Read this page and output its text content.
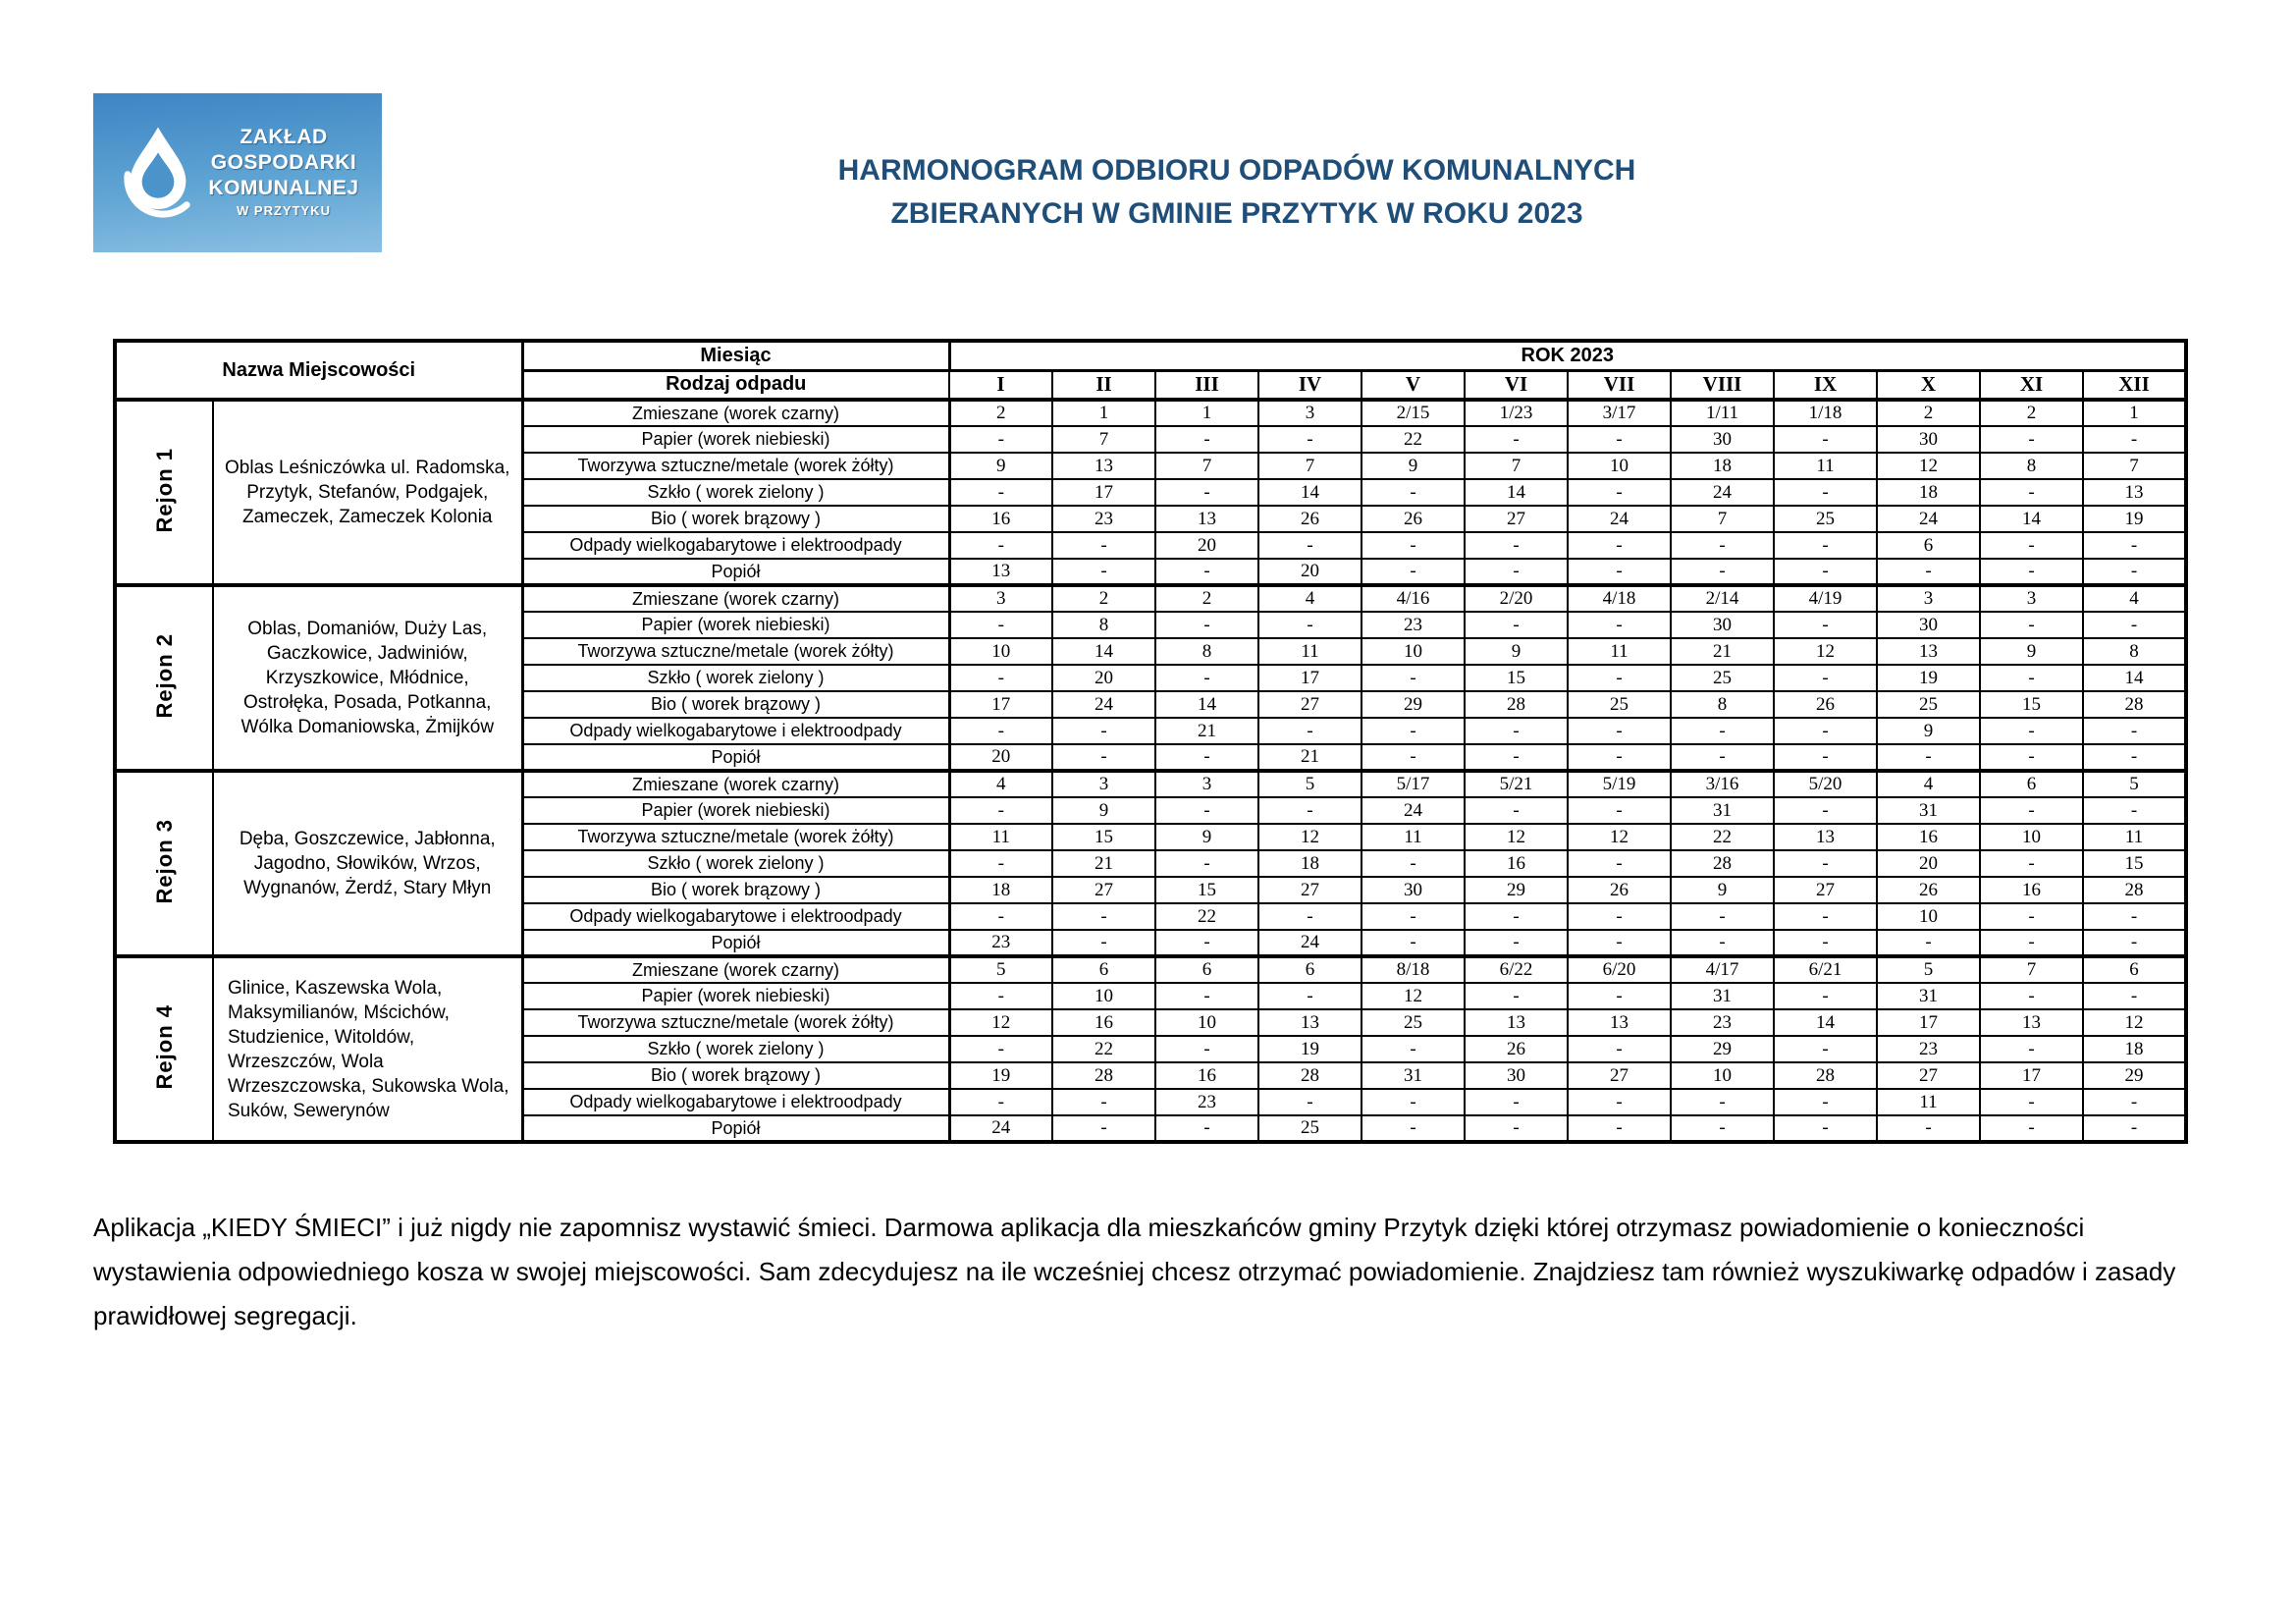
ZAKŁAD
GOSPODARKI
KOMUNALNEJ
W PRZYTYKU
HARMONOGRAM ODBIORU ODPADÓW KOMUNALNYCH
ZBIERANYCH W GMINIE PRZYTYK W ROKU 2023
Nazwa Miejscowości		Miesiąc	ROK 2023											
		Rodzaj odpadu	I	II	III	IV	V	VI	VII	VIII	IX	X	XI	XII
Rejon 1	Oblas Leśniczówka ul. Radomska, Przytyk, Stefanów, Podgajek, Zameczek, Zameczek Kolonia	Zmieszane (worek czarny)	2	1	1	3	2/15	1/23	3/17	1/11	1/18	2	2	1
		Papier (worek niebieski)	-	7	-	-	22	-	-	30	-	30	-	-
		Tworzywa sztuczne/metale (worek żółty)	9	13	7	7	9	7	10	18	11	12	8	7
		Szkło ( worek zielony )	-	17	-	14	-	14	-	24	-	18	-	13
		Bio ( worek brązowy )	16	23	13	26	26	27	24	7	25	24	14	19
		Odpady wielkogabarytowe i elektroodpady	-	-	20	-	-	-	-	-	-	6	-	-
		Popiół	13	-	-	20	-	-	-	-	-	-	-	-
Rejon 2	Oblas, Domaniów, Duży Las, Gaczkowice, Jadwiniów, Krzyszkowice, Młódnice, Ostrołęka, Posada, Potkanna, Wólka Domaniowska, Żmijków	Zmieszane (worek czarny)	3	2	2	4	4/16	2/20	4/18	2/14	4/19	3	3	4
		Papier (worek niebieski)	-	8	-	-	23	-	-	30	-	30	-	-
		Tworzywa sztuczne/metale (worek żółty)	10	14	8	11	10	9	11	21	12	13	9	8
		Szkło ( worek zielony )	-	20	-	17	-	15	-	25	-	19	-	14
		Bio ( worek brązowy )	17	24	14	27	29	28	25	8	26	25	15	28
		Odpady wielkogabarytowe i elektroodpady	-	-	21	-	-	-	-	-	-	9	-	-
		Popiół	20	-	-	21	-	-	-	-	-	-	-	-
Rejon 3	Dęba, Goszczewice, Jabłonna, Jagodno, Słowików, Wrzos, Wygnanów, Żerdź, Stary Młyn	Zmieszane (worek czarny)	4	3	3	5	5/17	5/21	5/19	3/16	5/20	4	6	5
		Papier (worek niebieski)	-	9	-	-	24	-	-	31	-	31	-	-
		Tworzywa sztuczne/metale (worek żółty)	11	15	9	12	11	12	12	22	13	16	10	11
		Szkło ( worek zielony )	-	21	-	18	-	16	-	28	-	20	-	15
		Bio ( worek brązowy )	18	27	15	27	30	29	26	9	27	26	16	28
		Odpady wielkogabarytowe i elektroodpady	-	-	22	-	-	-	-	-	-	10	-	-
		Popiół	23	-	-	24	-	-	-	-	-	-	-	-
Rejon 4	Glinice, Kaszewska Wola, Maksymilianów, Mścichów, Studzienice, Witoldów, Wrzeszczów, Wola Wrzeszczowska, Sukowska Wola, Suków, Sewerynów	Zmieszane (worek czarny)	5	6	6	6	8/18	6/22	6/20	4/17	6/21	5	7	6
		Papier (worek niebieski)	-	10	-	-	12	-	-	31	-	31	-	-
		Tworzywa sztuczne/metale (worek żółty)	12	16	10	13	25	13	13	23	14	17	13	12
		Szkło ( worek zielony )	-	22	-	19	-	26	-	29	-	23	-	18
		Bio ( worek brązowy )	19	28	16	28	31	30	27	10	28	27	17	29
		Odpady wielkogabarytowe i elektroodpady	-	-	23	-	-	-	-	-	-	11	-	-
		Popiół	24	-	-	25	-	-	-	-	-	-	-	-
Aplikacja „KIEDY ŚMIECI” i już nigdy nie zapomnisz wystawić śmieci. Darmowa aplikacja dla mieszkańców gminy Przytyk dzięki której otrzymasz powiadomienie o konieczności wystawienia odpowiedniego kosza w swojej miejscowości. Sam zdecydujesz na ile wcześniej chcesz otrzymać powiadomienie. Znajdziesz tam również wyszukiwarkę odpadów i zasady prawidłowej segregacji.
